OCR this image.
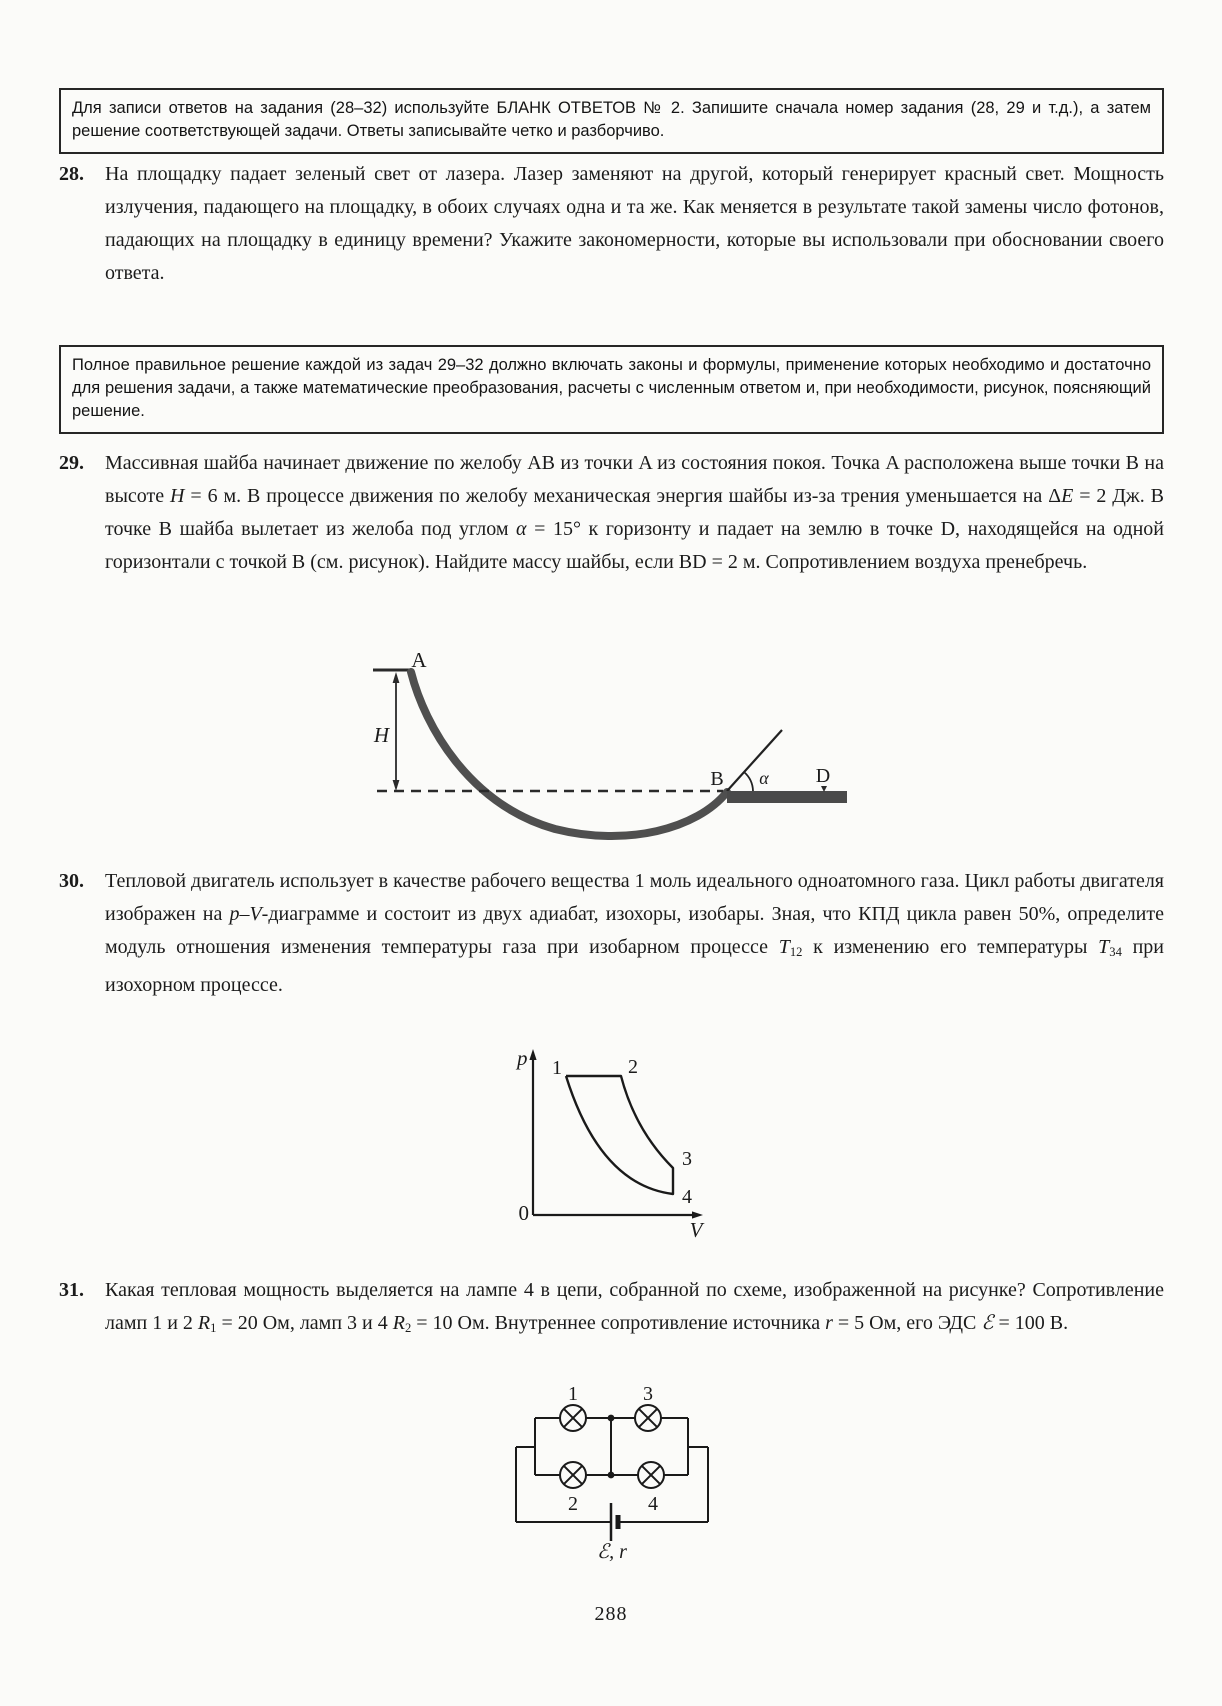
Для записи ответов на задания (28–32) используйте БЛАНК ОТВЕТОВ № 2. Запишите сначала номер задания (28, 29 и т.д.), а затем решение соответствующей задачи. Ответы записывайте четко и разборчиво.
28.	На площадку падает зеленый свет от лазера. Лазер заменяют на другой, который генерирует красный свет. Мощность излучения, падающего на площадку, в обоих случаях одна и та же. Как меняется в результате такой замены число фотонов, падающих на площадку в единицу времени? Укажите закономерности, которые вы использовали при обосновании своего ответа.
Полное правильное решение каждой из задач 29–32 должно включать законы и формулы, применение которых необходимо и достаточно для решения задачи, а также математические преобразования, расчеты с численным ответом и, при необходимости, рисунок, поясняющий решение.
29.	Массивная шайба начинает движение по желобу AB из точки A из состояния покоя. Точка A расположена выше точки B на высоте H = 6 м. В процессе движения по желобу механическая энергия шайбы из-за трения уменьшается на ΔE = 2 Дж. В точке B шайба вылетает из желоба под углом α = 15° к горизонту и падает на землю в точке D, находящейся на одной горизонтали с точкой B (см. рисунок). Найдите массу шайбы, если BD = 2 м. Сопротивлением воздуха пренебречь.
A
H
B α D
30.	Тепловой двигатель использует в качестве рабочего вещества 1 моль идеального одноатомного газа. Цикл работы двигателя изображен на p–V-диаграмме и состоит из двух адиабат, изохоры, изобары. Зная, что КПД цикла равен 50%, определите модуль отношения изменения температуры газа при изобарном процессе $T_{12}$ к изменению его температуры $T_{34}$ при изохорном процессе.
p
V
0
1	2
3
4
31.	Какая тепловая мощность выделяется на лампе 4 в цепи, собранной по схеме, изображенной на рисунке? Сопротивление ламп 1 и 2 $R_1 = 20$ Ом, ламп 3 и 4 $R_2 = 10$ Ом. Внутреннее сопротивление источника r = 5 Ом, его ЭДС ℰ = 100 В.
1	3
2	4
ℰ, r
288
